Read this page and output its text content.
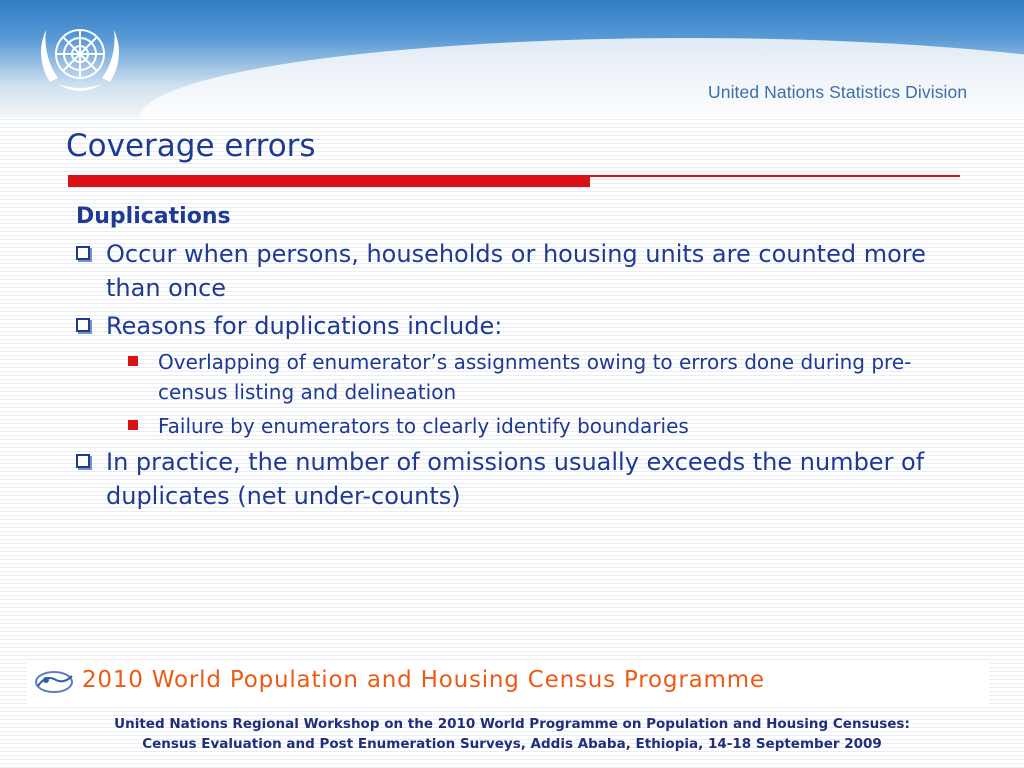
United Nations Statistics Division
Coverage errors
Duplications
Occur when persons, households or housing units are counted more than once
Reasons for duplications include:
Overlapping of enumerator’s assignments owing to errors done during pre-census listing and delineation
Failure by enumerators to clearly identify boundaries
In practice, the number of omissions usually exceeds the number of duplicates (net under-counts)
2010 World Population and Housing Census Programme
United Nations Regional Workshop on the 2010 World Programme on Population and Housing Censuses:
Census Evaluation and Post Enumeration Surveys, Addis Ababa, Ethiopia, 14-18 September 2009
